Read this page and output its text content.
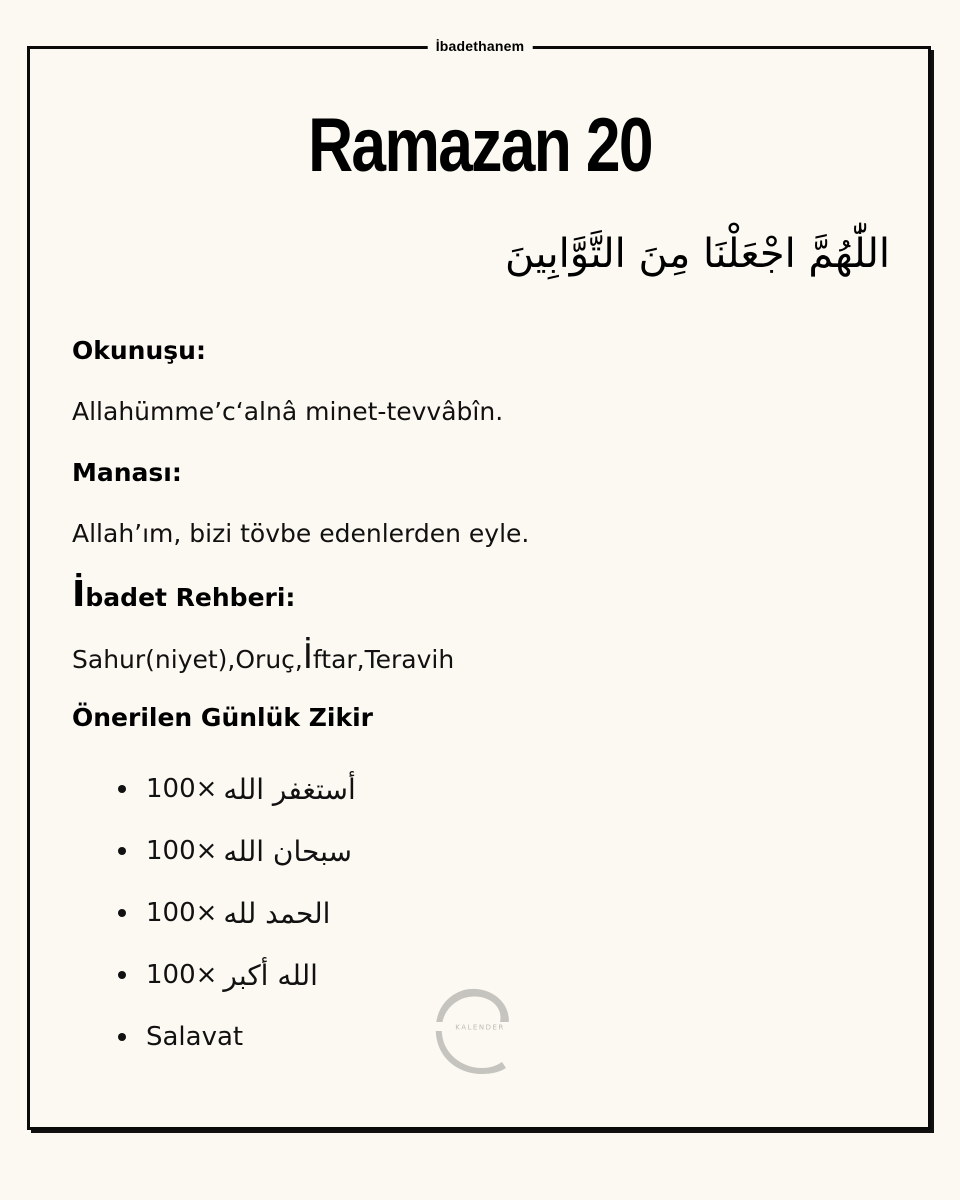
İbadethanem
Ramazan 20
اللّٰهُمَّ اجْعَلْنَا مِنَ التَّوَّابِينَ
Okunuşu:
Allahümme’c‘alnâ minet-tevvâbîn.
Manası:
Allah’ım, bizi tövbe edenlerden eyle.
İbadet Rehberi:
Sahur(niyet),Oruç,İftar,Teravih
Önerilen Günlük Zikir
100× أستغفر الله
100× سبحان الله
100× الحمد لله
100× الله أكبر
Salavat	KALENDER
